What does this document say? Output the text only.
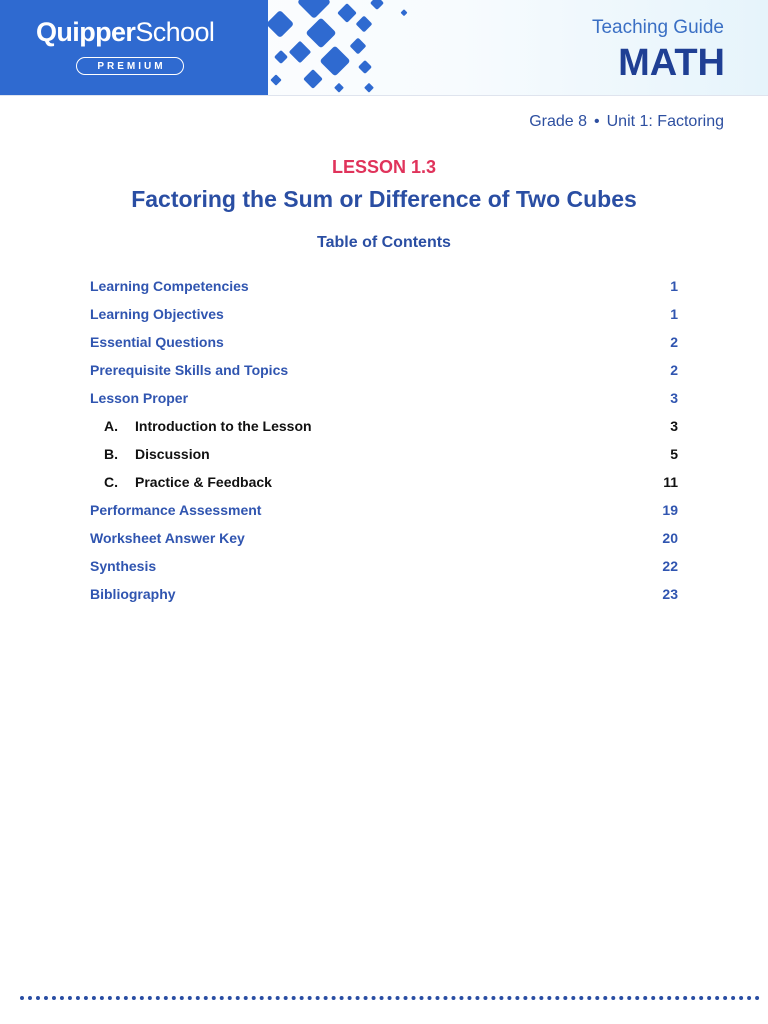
QuipperSchool
PREMIUM
Teaching Guide
MATH
Grade 8 • Unit 1: Factoring
LESSON 1.3
Factoring the Sum or Difference of Two Cubes
Table of Contents
Learning Competencies	1
Learning Objectives	1
Essential Questions	2
Prerequisite Skills and Topics	2
Lesson Proper	3
A. Introduction to the Lesson	3
B. Discussion	5
C. Practice & Feedback	11
Performance Assessment	19
Worksheet Answer Key	20
Synthesis	22
Bibliography	23
